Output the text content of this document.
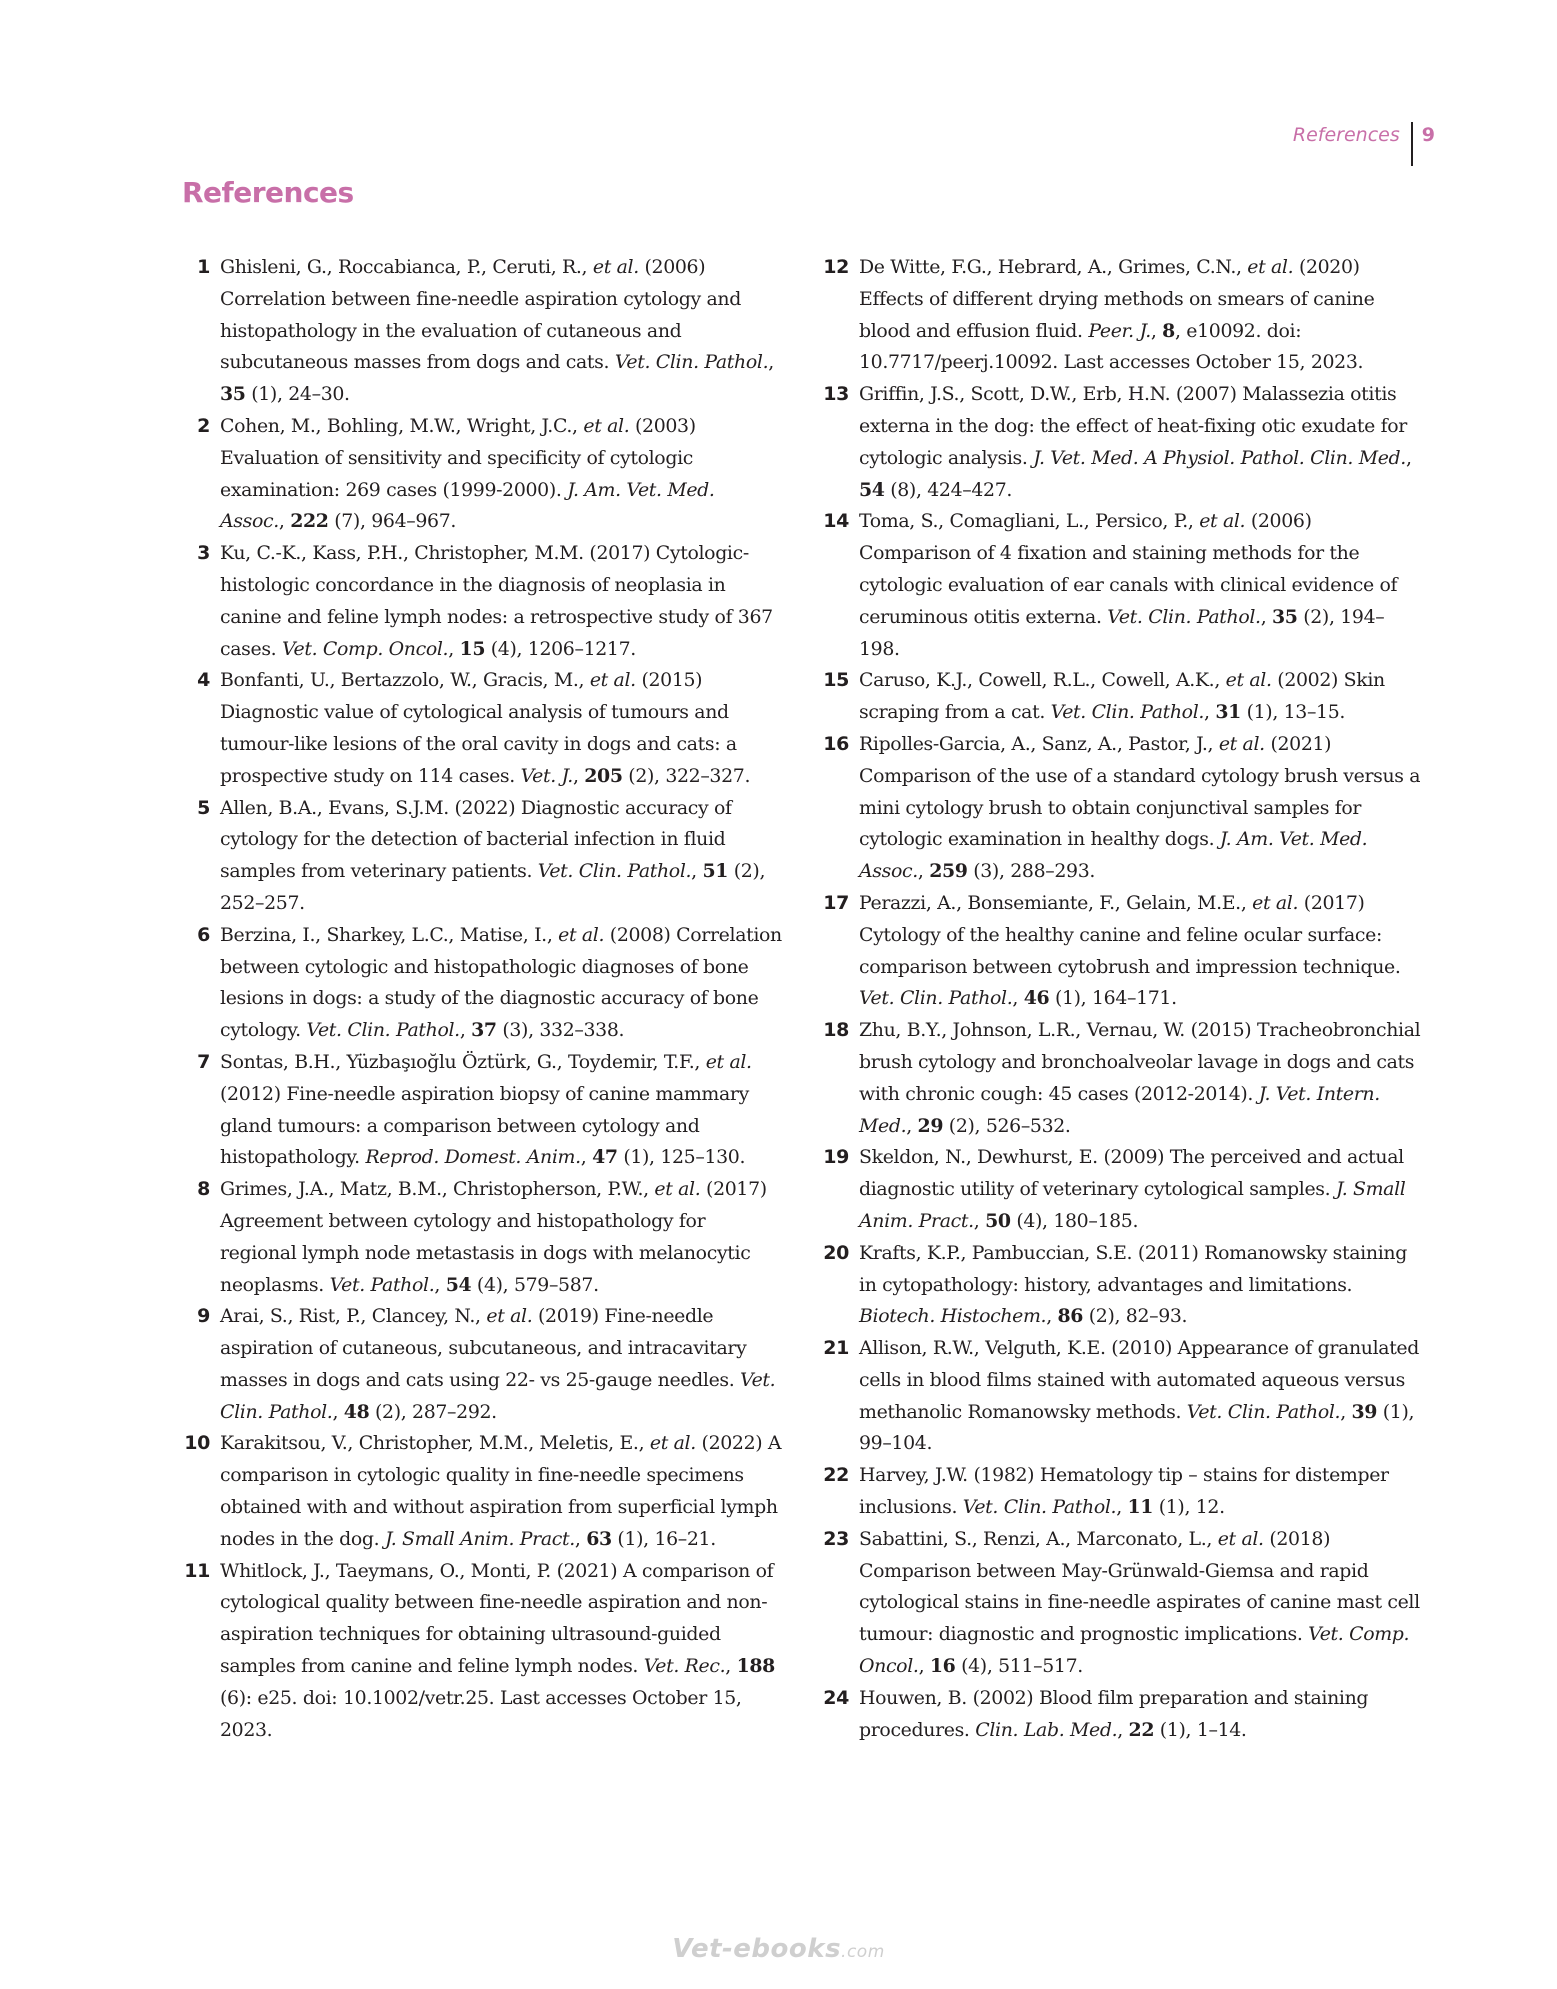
References	9
References
1 Ghisleni, G., Roccabianca, P., Ceruti, R., et al. (2006) Correlation between fine-needle aspiration cytology and histopathology in the evaluation of cutaneous and subcutaneous masses from dogs and cats. Vet. Clin. Pathol., 35 (1), 24–30.
2 Cohen, M., Bohling, M.W., Wright, J.C., et al. (2003) Evaluation of sensitivity and specificity of cytologic examination: 269 cases (1999-2000). J. Am. Vet. Med. Assoc., 222 (7), 964–967.
3 Ku, C.-K., Kass, P.H., Christopher, M.M. (2017) Cytologic-histologic concordance in the diagnosis of neoplasia in canine and feline lymph nodes: a retrospective study of 367 cases. Vet. Comp. Oncol., 15 (4), 1206–1217.
4 Bonfanti, U., Bertazzolo, W., Gracis, M., et al. (2015) Diagnostic value of cytological analysis of tumours and tumour-like lesions of the oral cavity in dogs and cats: a prospective study on 114 cases. Vet. J., 205 (2), 322–327.
5 Allen, B.A., Evans, S.J.M. (2022) Diagnostic accuracy of cytology for the detection of bacterial infection in fluid samples from veterinary patients. Vet. Clin. Pathol., 51 (2), 252–257.
6 Berzina, I., Sharkey, L.C., Matise, I., et al. (2008) Correlation between cytologic and histopathologic diagnoses of bone lesions in dogs: a study of the diagnostic accuracy of bone cytology. Vet. Clin. Pathol., 37 (3), 332–338.
7 Sontas, B.H., Yüzbaşıoğlu Öztürk, G., Toydemir, T.F., et al. (2012) Fine-needle aspiration biopsy of canine mammary gland tumours: a comparison between cytology and histopathology. Reprod. Domest. Anim., 47 (1), 125–130.
8 Grimes, J.A., Matz, B.M., Christopherson, P.W., et al. (2017) Agreement between cytology and histopathology for regional lymph node metastasis in dogs with melanocytic neoplasms. Vet. Pathol., 54 (4), 579–587.
9 Arai, S., Rist, P., Clancey, N., et al. (2019) Fine-needle aspiration of cutaneous, subcutaneous, and intracavitary masses in dogs and cats using 22- vs 25-gauge needles. Vet. Clin. Pathol., 48 (2), 287–292.
10 Karakitsou, V., Christopher, M.M., Meletis, E., et al. (2022) A comparison in cytologic quality in fine-needle specimens obtained with and without aspiration from superficial lymph nodes in the dog. J. Small Anim. Pract., 63 (1), 16–21.
11 Whitlock, J., Taeymans, O., Monti, P. (2021) A comparison of cytological quality between fine-needle aspiration and non-aspiration techniques for obtaining ultrasound-guided samples from canine and feline lymph nodes. Vet. Rec., 188 (6): e25. doi: 10.1002/vetr.25. Last accesses October 15, 2023.
12 De Witte, F.G., Hebrard, A., Grimes, C.N., et al. (2020) Effects of different drying methods on smears of canine blood and effusion fluid. Peer. J., 8, e10092. doi: 10.7717/peerj.10092. Last accesses October 15, 2023.
13 Griffin, J.S., Scott, D.W., Erb, H.N. (2007) Malassezia otitis externa in the dog: the effect of heat-fixing otic exudate for cytologic analysis. J. Vet. Med. A Physiol. Pathol. Clin. Med., 54 (8), 424–427.
14 Toma, S., Comagliani, L., Persico, P., et al. (2006) Comparison of 4 fixation and staining methods for the cytologic evaluation of ear canals with clinical evidence of ceruminous otitis externa. Vet. Clin. Pathol., 35 (2), 194–198.
15 Caruso, K.J., Cowell, R.L., Cowell, A.K., et al. (2002) Skin scraping from a cat. Vet. Clin. Pathol., 31 (1), 13–15.
16 Ripolles-Garcia, A., Sanz, A., Pastor, J., et al. (2021) Comparison of the use of a standard cytology brush versus a mini cytology brush to obtain conjunctival samples for cytologic examination in healthy dogs. J. Am. Vet. Med. Assoc., 259 (3), 288–293.
17 Perazzi, A., Bonsemiante, F., Gelain, M.E., et al. (2017) Cytology of the healthy canine and feline ocular surface: comparison between cytobrush and impression technique. Vet. Clin. Pathol., 46 (1), 164–171.
18 Zhu, B.Y., Johnson, L.R., Vernau, W. (2015) Tracheobronchial brush cytology and bronchoalveolar lavage in dogs and cats with chronic cough: 45 cases (2012-2014). J. Vet. Intern. Med., 29 (2), 526–532.
19 Skeldon, N., Dewhurst, E. (2009) The perceived and actual diagnostic utility of veterinary cytological samples. J. Small Anim. Pract., 50 (4), 180–185.
20 Krafts, K.P., Pambuccian, S.E. (2011) Romanowsky staining in cytopathology: history, advantages and limitations. Biotech. Histochem., 86 (2), 82–93.
21 Allison, R.W., Velguth, K.E. (2010) Appearance of granulated cells in blood films stained with automated aqueous versus methanolic Romanowsky methods. Vet. Clin. Pathol., 39 (1), 99–104.
22 Harvey, J.W. (1982) Hematology tip – stains for distemper inclusions. Vet. Clin. Pathol., 11 (1), 12.
23 Sabattini, S., Renzi, A., Marconato, L., et al. (2018) Comparison between May-Grünwald-Giemsa and rapid cytological stains in fine-needle aspirates of canine mast cell tumour: diagnostic and prognostic implications. Vet. Comp. Oncol., 16 (4), 511–517.
24 Houwen, B. (2002) Blood film preparation and staining procedures. Clin. Lab. Med., 22 (1), 1–14.
Vet-ebooks.com
